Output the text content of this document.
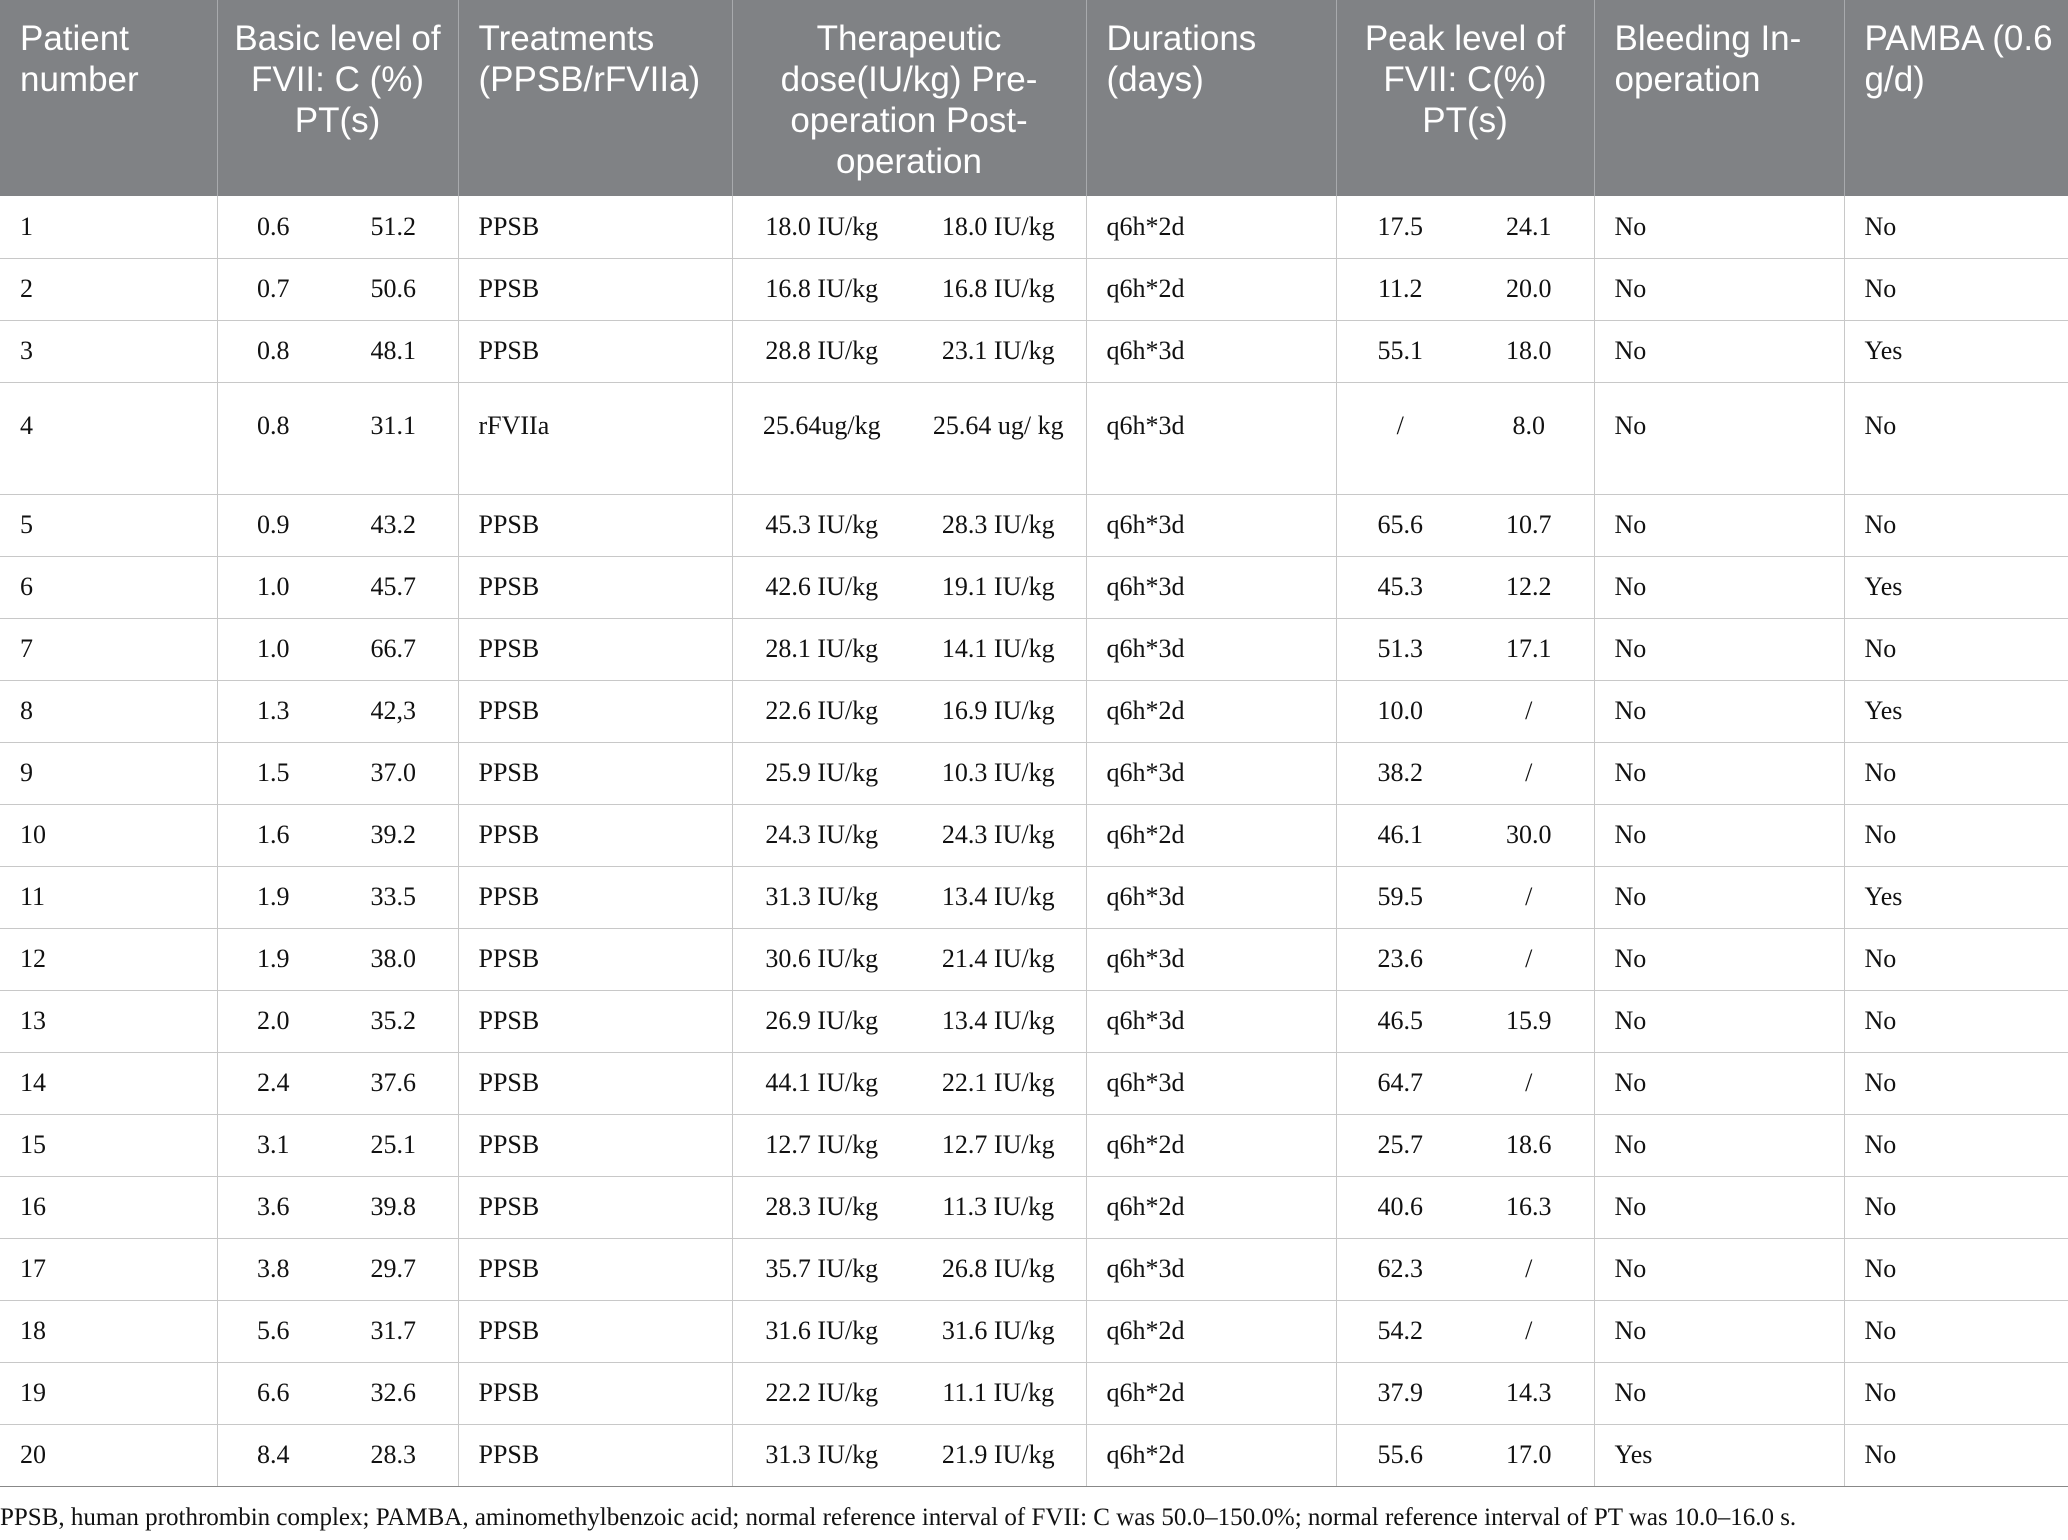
Patient number	Basic level of FVII: C (%) PT(s)		Treatments (PPSB/rFVIIa)	Therapeutic dose(IU/kg) Pre-operation Post-operation		Durations (days)	Peak level of FVII: C(%) PT(s)		Bleeding In-operation	PAMBA (0.6 g/d)
1	0.6	51.2	PPSB	18.0 IU/kg	18.0 IU/kg	q6h*2d	17.5	24.1	No	No
2	0.7	50.6	PPSB	16.8 IU/kg	16.8 IU/kg	q6h*2d	11.2	20.0	No	No
3	0.8	48.1	PPSB	28.8 IU/kg	23.1 IU/kg	q6h*3d	55.1	18.0	No	Yes
4	0.8	31.1	rFVIIa	25.64ug/kg	25.64 ug/ kg	q6h*3d	/	8.0	No	No
5	0.9	43.2	PPSB	45.3 IU/kg	28.3 IU/kg	q6h*3d	65.6	10.7	No	No
6	1.0	45.7	PPSB	42.6 IU/kg	19.1 IU/kg	q6h*3d	45.3	12.2	No	Yes
7	1.0	66.7	PPSB	28.1 IU/kg	14.1 IU/kg	q6h*3d	51.3	17.1	No	No
8	1.3	42,3	PPSB	22.6 IU/kg	16.9 IU/kg	q6h*2d	10.0	/	No	Yes
9	1.5	37.0	PPSB	25.9 IU/kg	10.3 IU/kg	q6h*3d	38.2	/	No	No
10	1.6	39.2	PPSB	24.3 IU/kg	24.3 IU/kg	q6h*2d	46.1	30.0	No	No
11	1.9	33.5	PPSB	31.3 IU/kg	13.4 IU/kg	q6h*3d	59.5	/	No	Yes
12	1.9	38.0	PPSB	30.6 IU/kg	21.4 IU/kg	q6h*3d	23.6	/	No	No
13	2.0	35.2	PPSB	26.9 IU/kg	13.4 IU/kg	q6h*3d	46.5	15.9	No	No
14	2.4	37.6	PPSB	44.1 IU/kg	22.1 IU/kg	q6h*3d	64.7	/	No	No
15	3.1	25.1	PPSB	12.7 IU/kg	12.7 IU/kg	q6h*2d	25.7	18.6	No	No
16	3.6	39.8	PPSB	28.3 IU/kg	11.3 IU/kg	q6h*2d	40.6	16.3	No	No
17	3.8	29.7	PPSB	35.7 IU/kg	26.8 IU/kg	q6h*3d	62.3	/	No	No
18	5.6	31.7	PPSB	31.6 IU/kg	31.6 IU/kg	q6h*2d	54.2	/	No	No
19	6.6	32.6	PPSB	22.2 IU/kg	11.1 IU/kg	q6h*2d	37.9	14.3	No	No
20	8.4	28.3	PPSB	31.3 IU/kg	21.9 IU/kg	q6h*2d	55.6	17.0	Yes	No
PPSB, human prothrombin complex; PAMBA, aminomethylbenzoic acid; normal reference interval of FVII: C was 50.0–150.0%; normal reference interval of PT was 10.0–16.0 s.
